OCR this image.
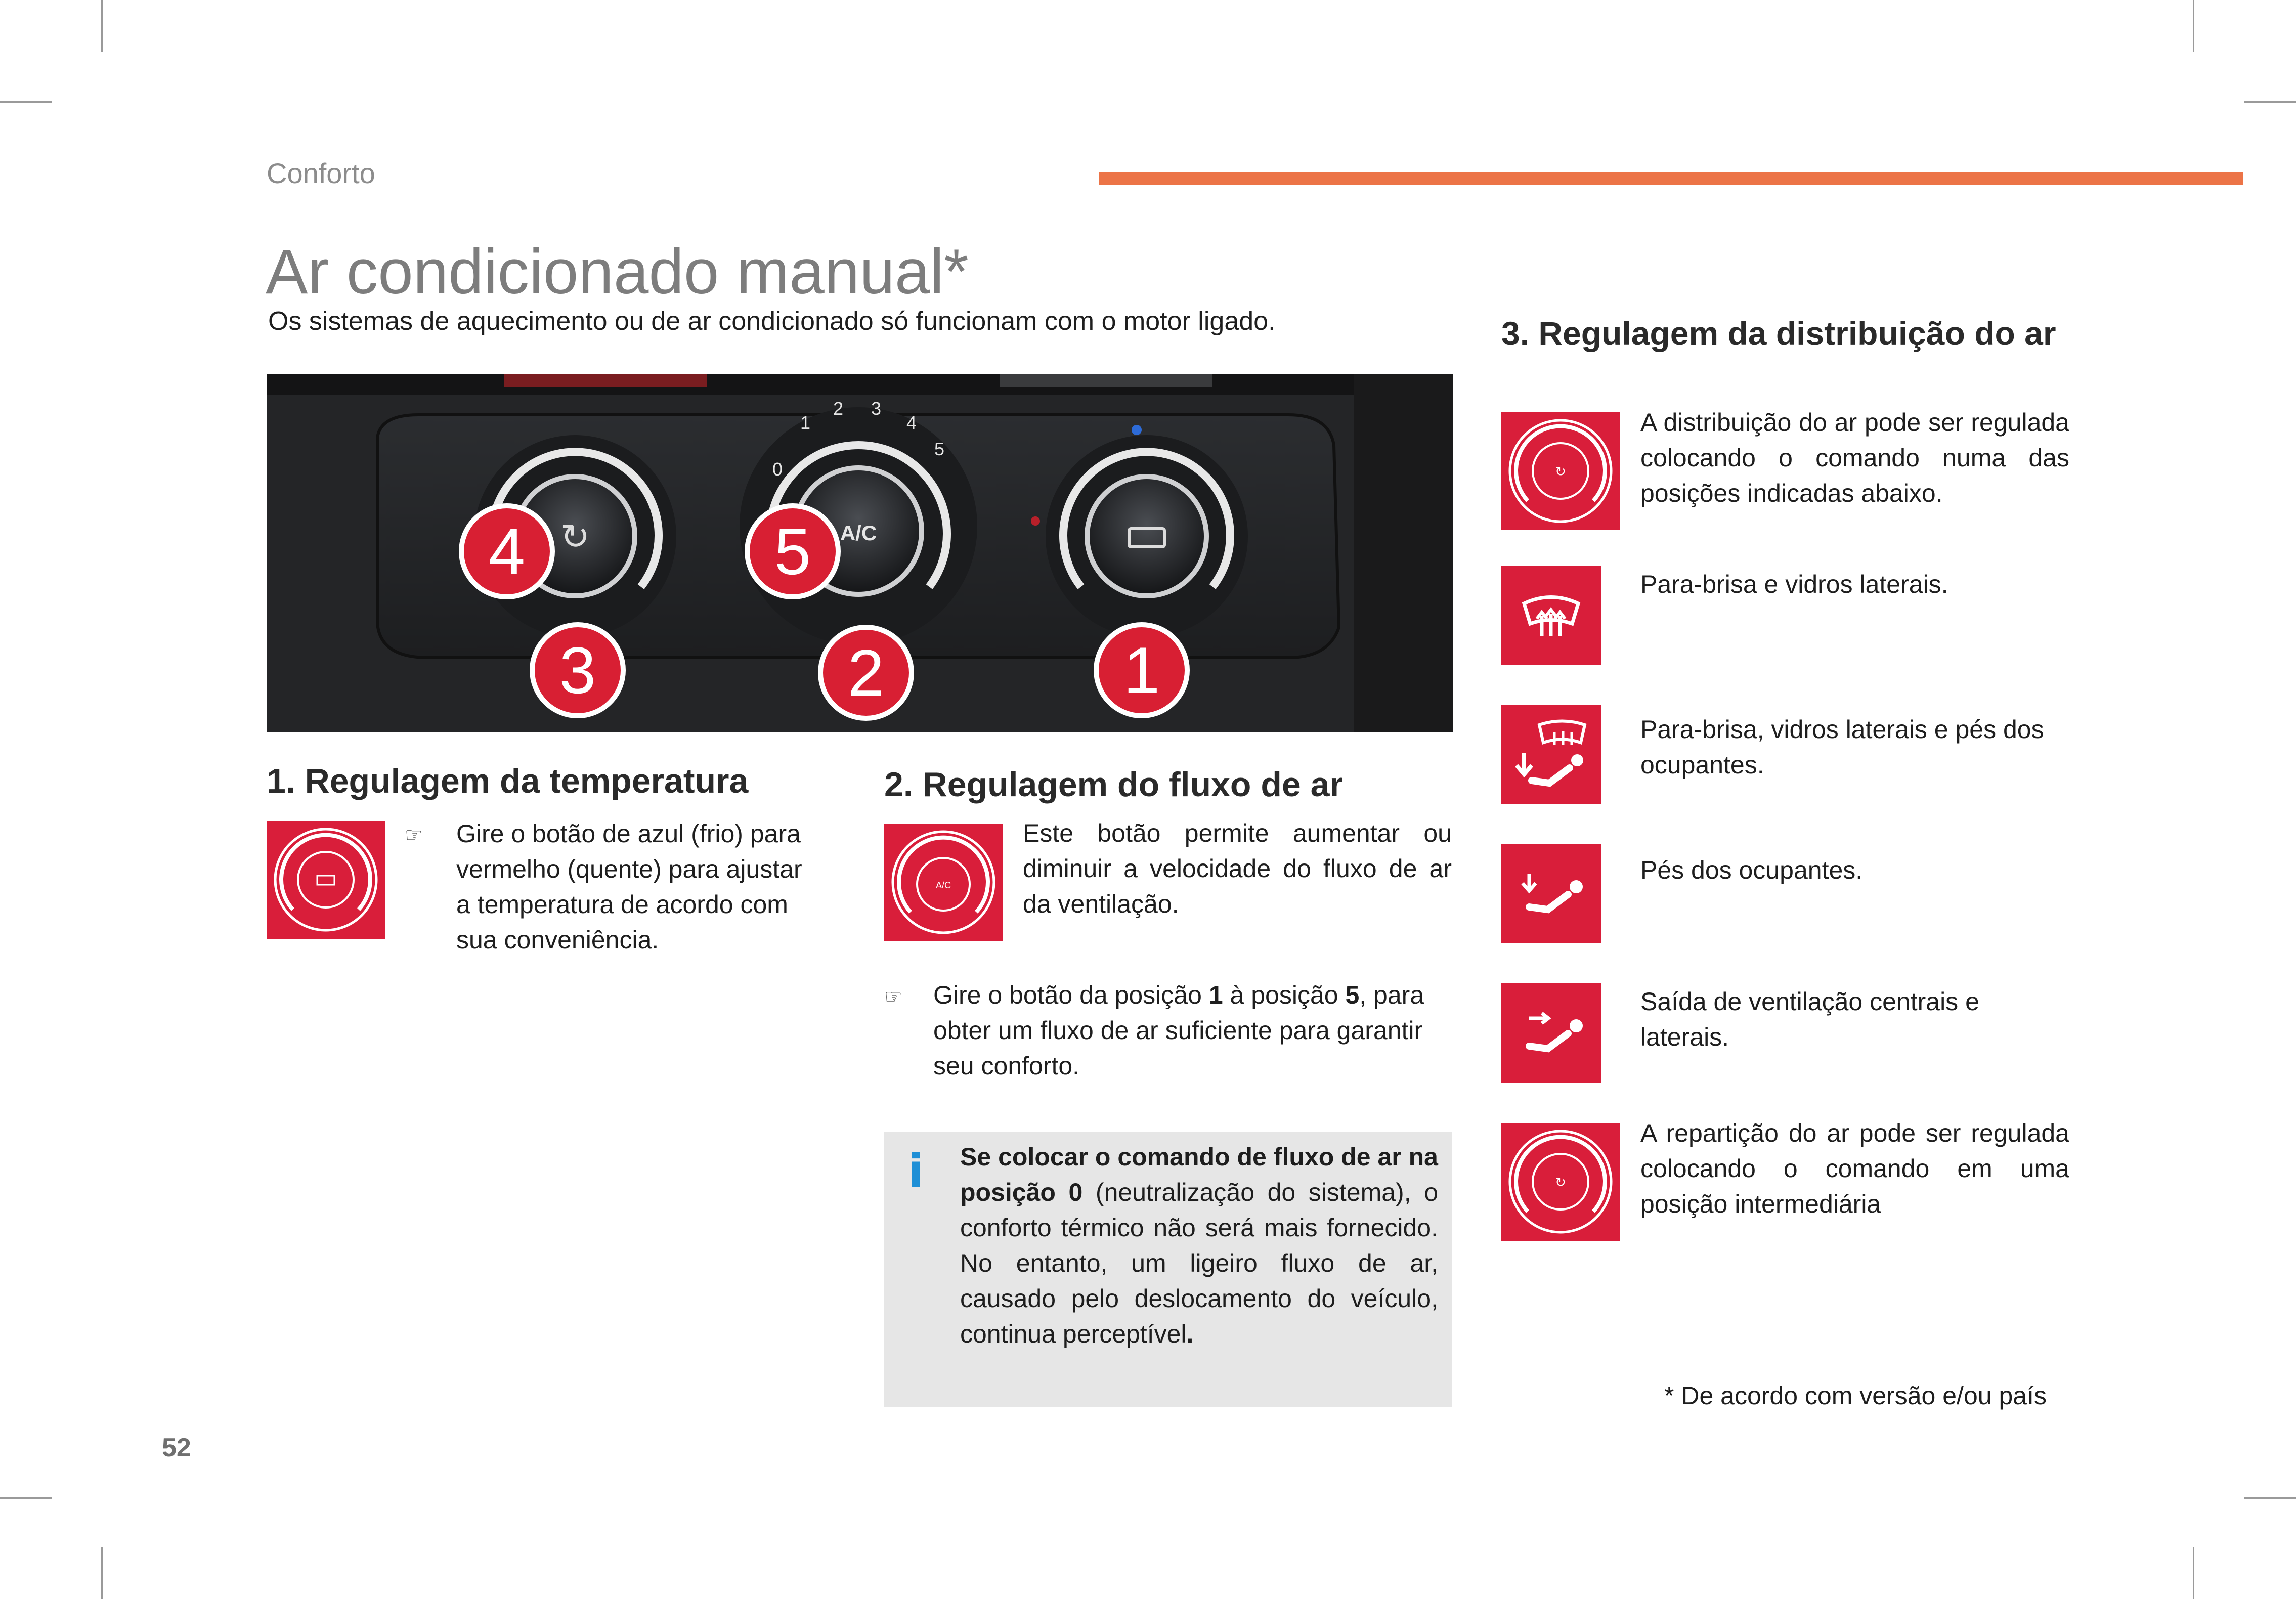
Conforto
Ar condicionado manual*
Os sistemas de aquecimento ou de ar condicionado só funcionam com o motor ligado.
↻	A/C
0
1
2 3
4
5
4	5
3	2	1
1. Regulagem da temperatura
☞ Gire o botão de azul (frio) para vermelho (quente) para ajustar a temperatura de acordo com sua conveniência.
2. Regulagem do fluxo de ar
A/C
Este botão permite aumentar ou diminuir a velocidade do fluxo de ar da ventilação.
☞ Gire o botão da posição 1 à posição 5, para obter um fluxo de ar suficiente para garantir seu conforto.
i Se colocar o comando de fluxo de ar na posição 0 (neutralização do sistema), o conforto térmico não será mais fornecido. No entanto, um ligeiro fluxo de ar, causado pelo deslocamento do veículo, continua perceptível.
3. Regulagem da distribuição do ar
↻
A distribuição do ar pode ser regulada colocando o comando numa das posições indicadas abaixo.
Para-brisa e vidros laterais.
Para-brisa, vidros laterais e pés dos ocupantes.
Pés dos ocupantes.
Saída de ventilação centrais e laterais.
↻
A repartição do ar pode ser regulada colocando o comando em uma posição intermediária
* De acordo com versão e/ou país
52
